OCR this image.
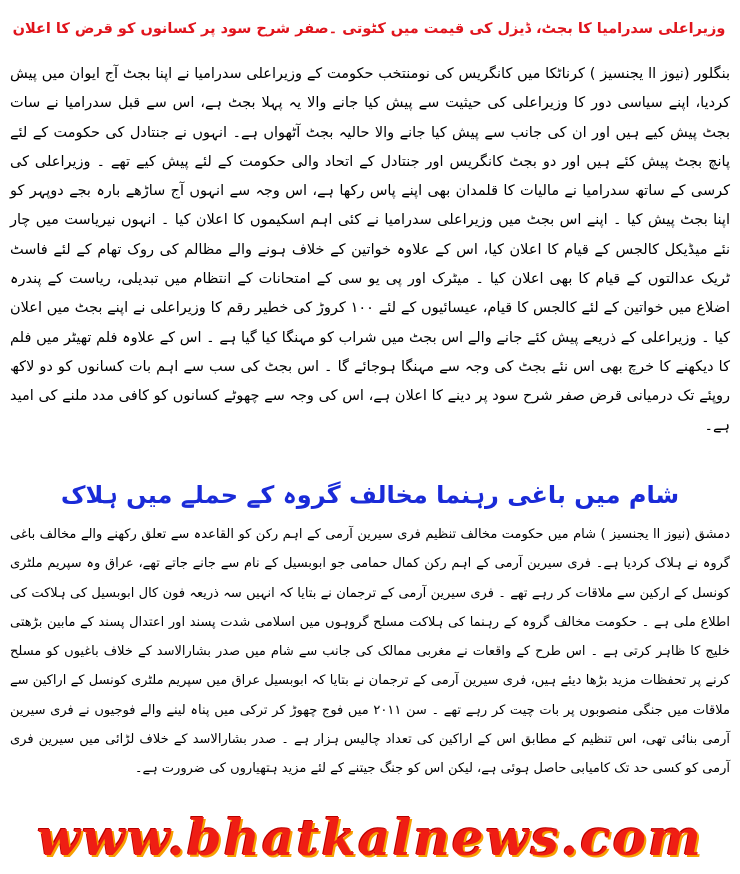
وزیراعلی سدرامیا کا بجٹ، ڈیزل کی قیمت میں کٹوتی ۔صفر شرح سود پر کسانوں کو قرض کا اعلان

بنگلور (نیوز اا یجنسیز ) کرناٹکا میں کانگریس کی نومنتخب حکومت کے وزیراعلی سدرامیا نے اپنا بجٹ آج ایوان میں پیش کردیا، اپنے سیاسی دور کا وزیراعلی کی حیثیت سے پیش کیا جانے والا یہ پہلا بجٹ ہے، اس سے قبل سدرامیا نے سات بجٹ پیش کیے ہیں اور ان کی جانب سے پیش کیا جانے والا حالیہ بجٹ آٹھواں ہے۔ انہوں نے جنتادل کی حکومت کے لئے پانچ بجٹ پیش کئے ہیں اور دو بجٹ کانگریس اور جنتادل کے اتحاد والی حکومت کے لئے پیش کیے تھے ۔ وزیراعلی کی کرسی کے ساتھ سدرامیا نے مالیات کا قلمدان بھی اپنے پاس رکھا ہے، اس وجہ سے انہوں آج ساڑھے بارہ بجے دوپہر کو اپنا بجٹ پیش کیا ۔ اپنے اس بجٹ میں وزیراعلی سدرامیا نے کئی اہم اسکیموں کا اعلان کیا ۔ انہوں نیریاست میں چار نئے میڈیکل کالجس کے قیام کا اعلان کیا، اس کے علاوہ خواتین کے خلاف ہونے والے مظالم کی روک تھام کے لئے فاسٹ ٹریک عدالتوں کے قیام کا بھی اعلان کیا ۔ میٹرک اور پی یو سی کے امتحانات کے انتظام میں تبدیلی، ریاست کے پندرہ اضلاع میں خواتین کے لئے کالجس کا قیام، عیسائیوں کے لئے ۱۰۰ کروڑ کی خطیر رقم کا وزیراعلی نے اپنے بجٹ میں اعلان کیا ۔ وزیراعلی کے ذریعے پیش کئے جانے والے اس بجٹ میں شراب کو مہنگا کیا گیا ہے ۔ اس کے علاوہ فلم تھیٹر میں فلم کا دیکھنے کا خرچ بھی اس نئے بجٹ کی وجہ سے مہنگا ہوجائے گا ۔ اس بجٹ کی سب سے اہم بات کسانوں کو دو لاکھ روپئے تک درمیانی قرض صفر شرح سود پر دینے کا اعلان ہے، اس کی وجہ سے چھوٹے کسانوں کو کافی مدد ملنے کی امید ہے۔

شام میں باغی رہنما مخالف گروہ کے حملے میں ہلاک

دمشق (نیوز اا یجنسیز ) شام میں حکومت مخالف تنظیم فری سیرین آرمی کے اہم رکن کو القاعدہ سے تعلق رکھنے والے مخالف باغی گروہ نے ہلاک کردیا ہے۔ فری سیرین آرمی کے اہم رکن کمال حمامی جو ابوبسیل کے نام سے جانے جاتے تھے، عراق وہ سپریم ملٹری کونسل کے ارکین سے ملاقات کر رہے تھے ۔ فری سیرین آرمی کے ترجمان نے بتایا کہ انہیں سہ ذریعہ فون کال ابوبسیل کی ہلاکت کی اطلاع ملی ہے ۔ حکومت مخالف گروہ کے رہنما کی ہلاکت مسلح گروہوں میں اسلامی شدت پسند اور اعتدال پسند کے مابین بڑھتی خلیج کا ظاہر کرتی ہے ۔ اس طرح کے واقعات نے مغربی ممالک کی جانب سے شام میں صدر بشارالاسد کے خلاف باغیوں کو مسلح کرنے پر تحفظات مزید بڑھا دیئے ہیں، فری سیرین آرمی کے ترجمان نے بتایا کہ ابوبسیل عراق میں سپریم ملٹری کونسل کے اراکین سے ملاقات میں جنگی منصوبوں پر بات چیت کر رہے تھے ۔ سن ۲۰۱۱ میں فوج چھوڑ کر ترکی میں پناہ لینے والے فوجیوں نے فری سیرین آرمی بنائی تھی، اس تنظیم کے مطابق اس کے اراکین کی تعداد چالیس ہزار ہے ۔ صدر بشارالاسد کے خلاف لڑائی میں سیرین فری آرمی کو کسی حد تک کامیابی حاصل ہوئی ہے، لیکن اس کو جنگ جیتنے کے لئے مزید ہتھیاروں کی ضرورت ہے۔

www.bhatkalnews.com
